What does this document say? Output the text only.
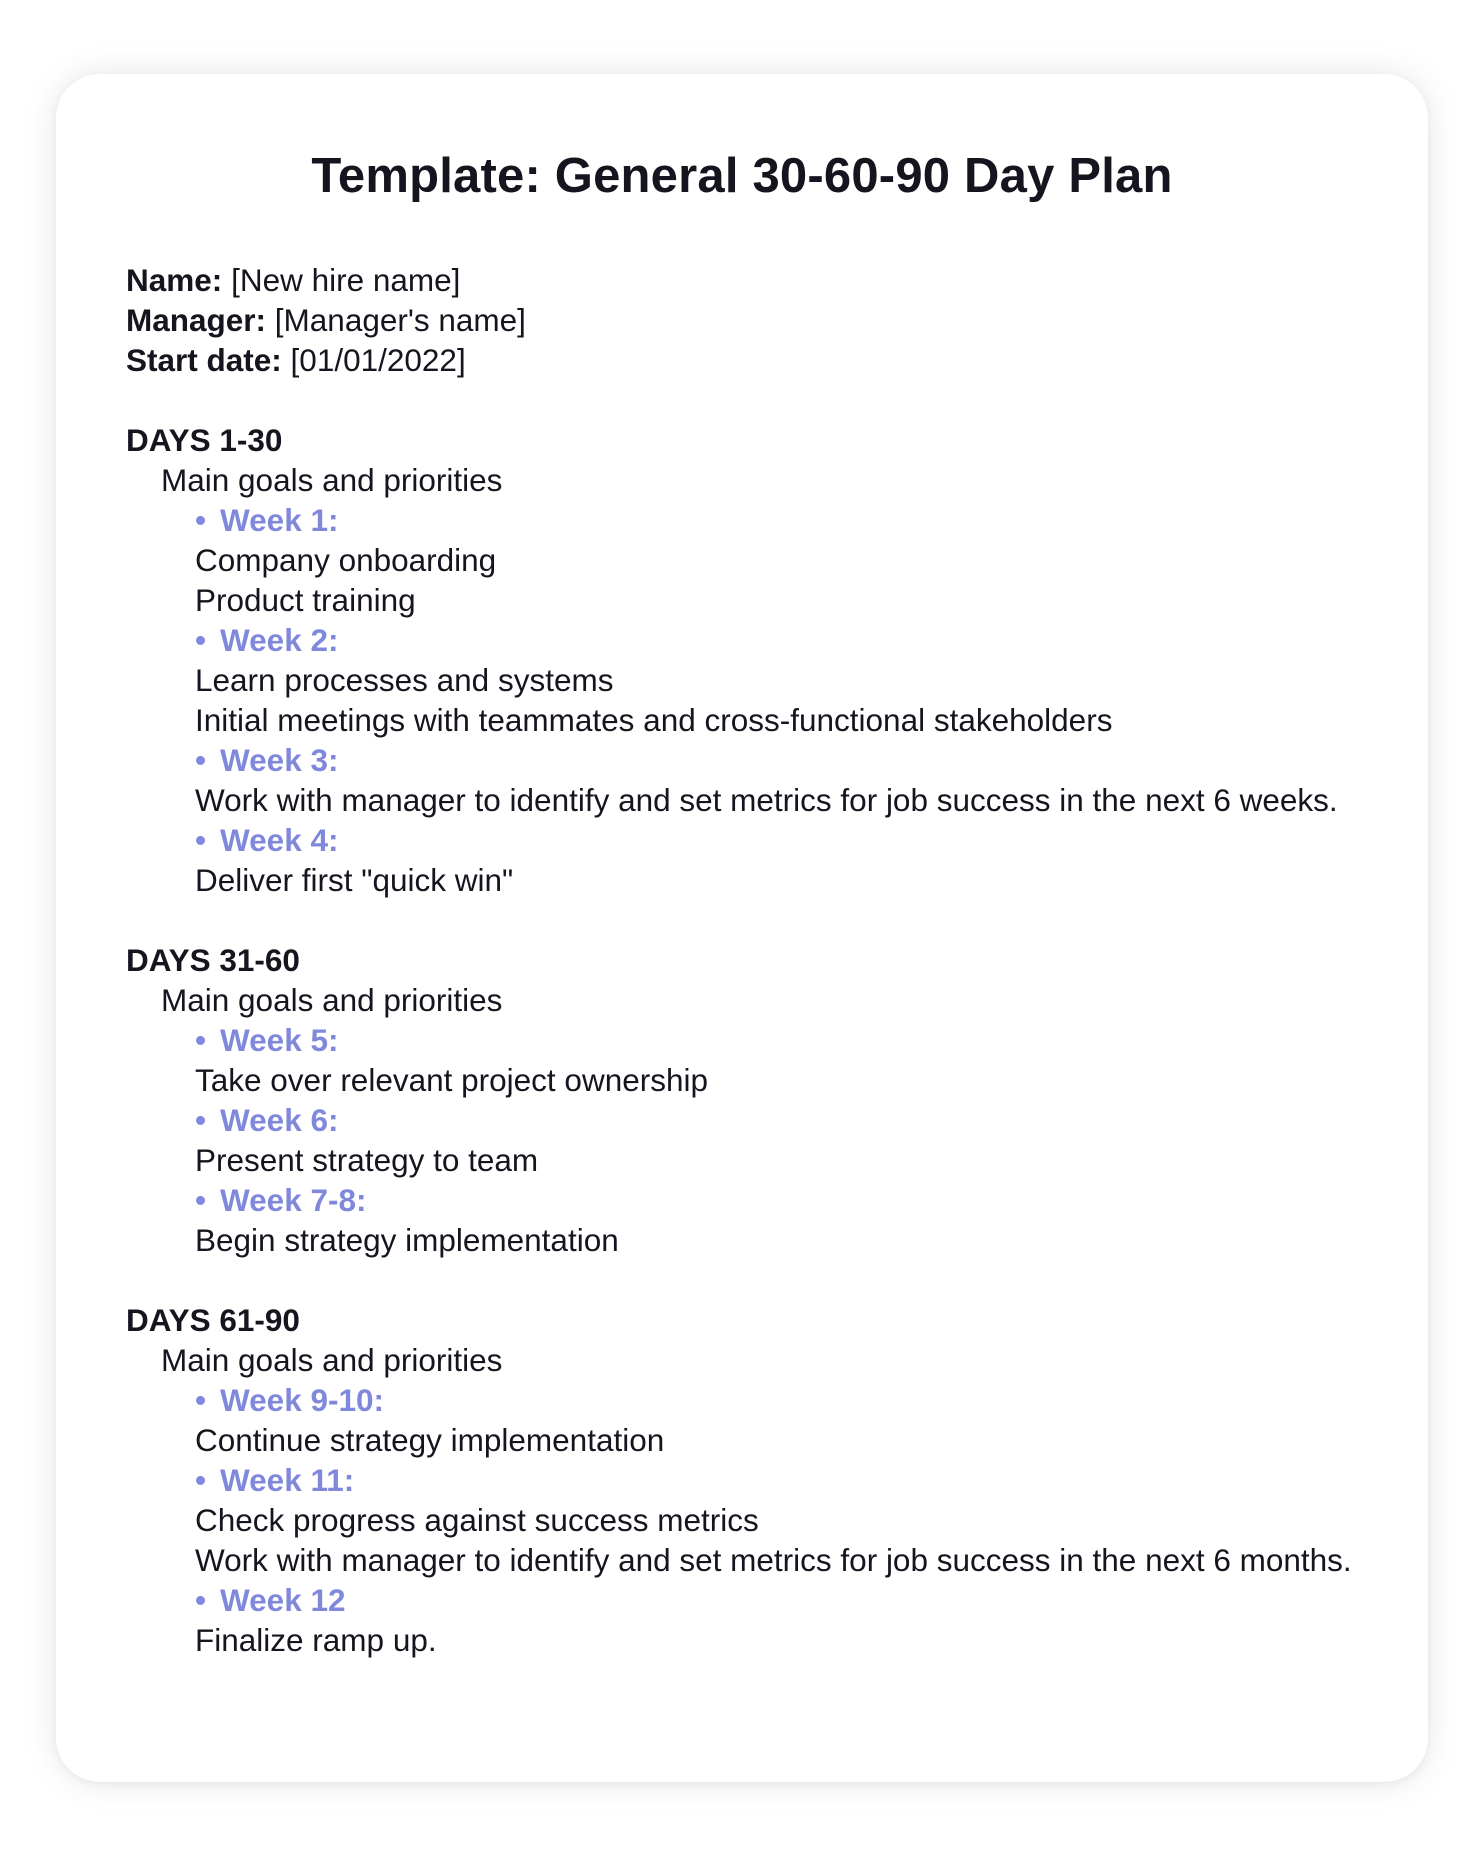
Template: General 30-60-90 Day Plan
Name: [New hire name]
Manager: [Manager's name]
Start date: [01/01/2022]
DAYS 1-30
Main goals and priorities
• Week 1:
Company onboarding
Product training
• Week 2:
Learn processes and systems
Initial meetings with teammates and cross-functional stakeholders
• Week 3:
Work with manager to identify and set metrics for job success in the next 6 weeks.
• Week 4:
Deliver first "quick win"
DAYS 31-60
Main goals and priorities
• Week 5:
Take over relevant project ownership
• Week 6:
Present strategy to team
• Week 7-8:
Begin strategy implementation
DAYS 61-90
Main goals and priorities
• Week 9-10:
Continue strategy implementation
• Week 11:
Check progress against success metrics
Work with manager to identify and set metrics for job success in the next 6 months.
• Week 12
Finalize ramp up.
